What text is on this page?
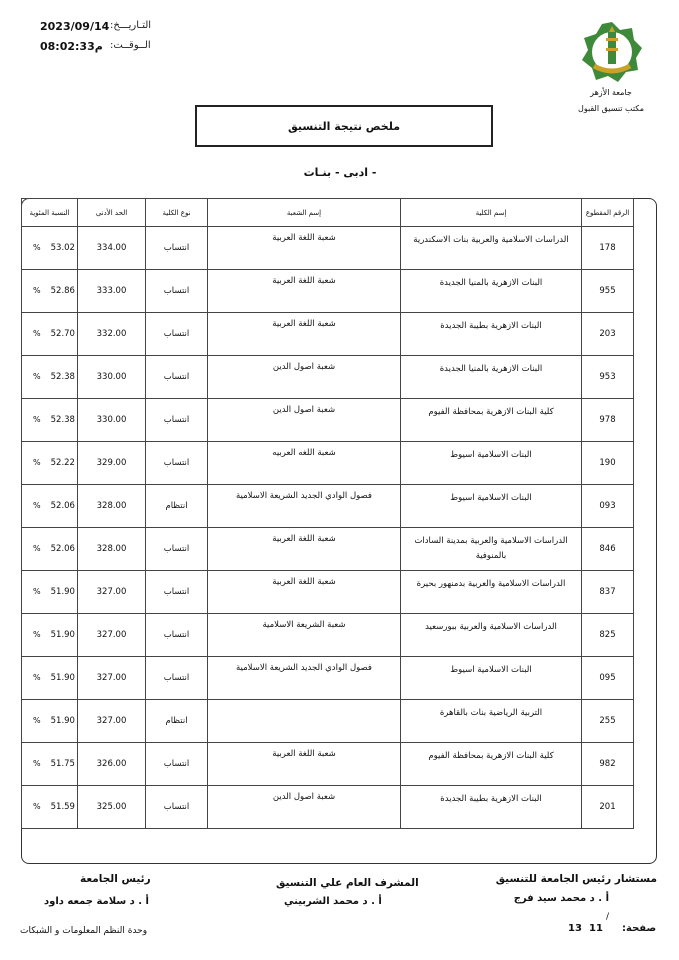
2023/09/14 التـاريـــخ:
08:02:33م الــوقــت:
جامعة الأزهر
مكتب تنسيق القبول
ملخص نتيجة التنسيق
- ادبى - بنـات
الرقم المقطوع	إسم الكلية	إسم الشعبة	نوع الكلية	الحد الأدنى	النسبة المئوية
178	الدراسات الاسلامية والعربية بنات الاسكندرية	شعبة اللغة العربية	انتساب	334.00	% 53.02
955	البنات الازهرية بالمنيا الجديدة	شعبة اللغة العربية	انتساب	333.00	% 52.86
203	البنات الازهرية بطيبة الجديدة	شعبة اللغة العربية	انتساب	332.00	% 52.70
953	البنات الازهرية بالمنيا الجديدة	شعبة اصول الدين	انتساب	330.00	% 52.38
978	كلية البنات الازهرية بمحافظة الفيوم	شعبة اصول الدين	انتساب	330.00	% 52.38
190	البنات الاسلامية اسيوط	شعبة اللغه العربيه	انتساب	329.00	% 52.22
093	البنات الاسلامية اسيوط	فصول الوادي الجديد الشريعة الاسلامية	انتظام	328.00	% 52.06
846	الدراسات الاسلامية والعربية بمدينة السادات بالمنوفية	شعبة اللغة العربية	انتساب	328.00	% 52.06
837	الدراسات الاسلامية والعربية بدمنهور بحيرة	شعبة اللغة العربية	انتساب	327.00	% 51.90
825	الدراسات الاسلامية والعربية ببورسعيد	شعبة الشريعة الاسلامية	انتساب	327.00	% 51.90
095	البنات الاسلامية اسيوط	فصول الوادي الجديد الشريعة الاسلامية	انتساب	327.00	% 51.90
255	التربية الرياضية بنات بالقاهرة		انتظام	327.00	% 51.90
982	كلية البنات الازهرية بمحافظة الفيوم	شعبة اللغة العربية	انتساب	326.00	% 51.75
201	البنات الازهرية بطيبة الجديدة	شعبة اصول الدين	انتساب	325.00	% 51.59
مستشار رئيس الجامعة للتنسيق
أ . د محمد سيد فرج
المشرف العام علي التنسيق
أ . د محمد الشربيني
رئيس الجامعة
أ . د سلامة جمعه داود
/
صفحة:
11
13
وحدة النظم المعلومات و الشبكات
